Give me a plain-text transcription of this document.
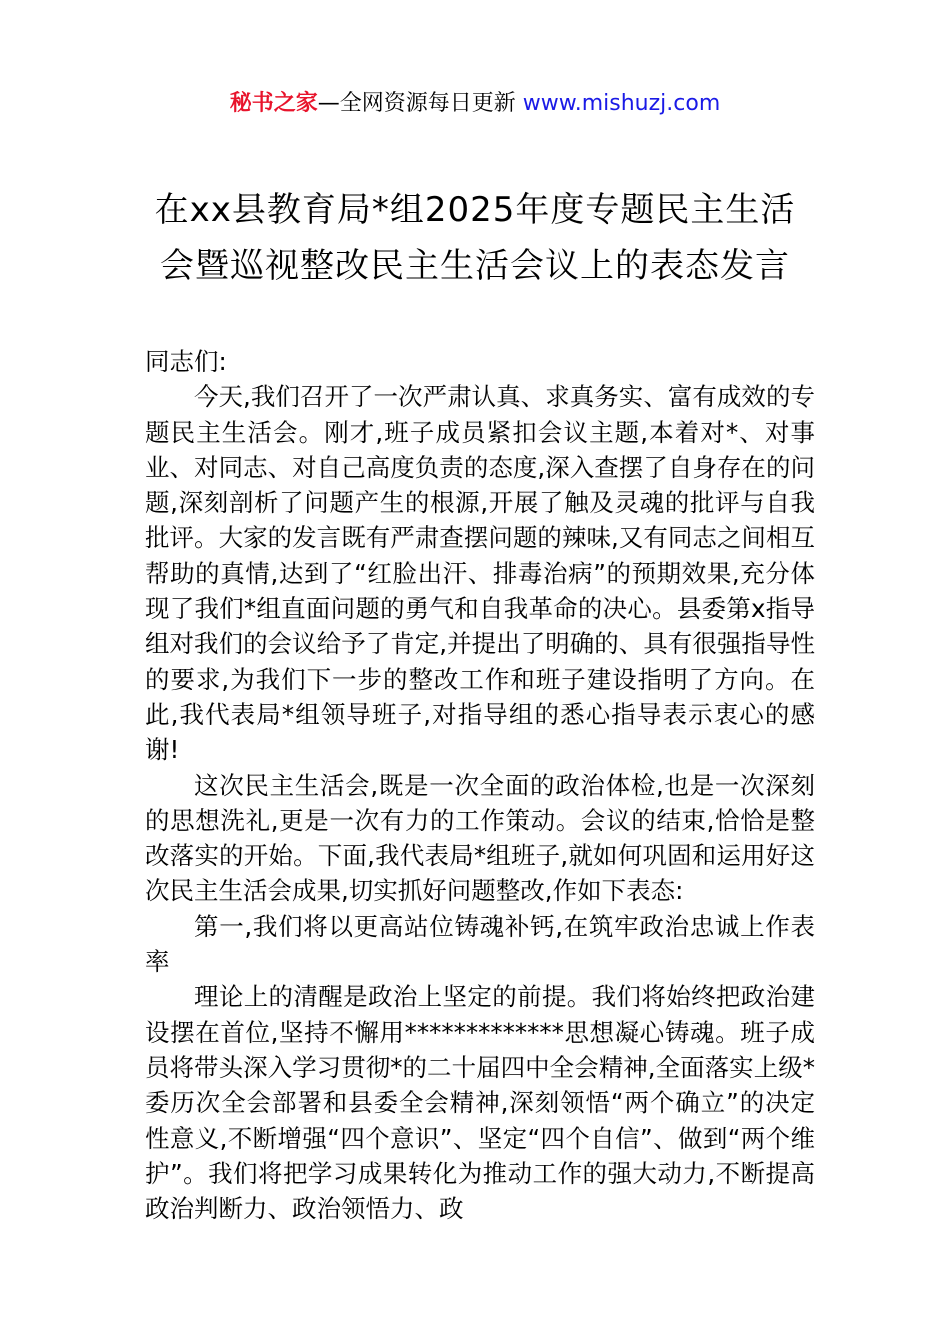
秘书之家—全网资源每日更新 www.mishuzj.com
在xx县教育局*组2025年度专题民主生活
会暨巡视整改民主生活会议上的表态发言

同志们:

今天,我们召开了一次严肃认真、求真务实、富有成效的专题民主生活会。刚才,班子成员紧扣会议主题,本着对*、对事业、对同志、对自己高度负责的态度,深入查摆了自身存在的问题,深刻剖析了问题产生的根源,开展了触及灵魂的批评与自我批评。大家的发言既有严肃查摆问题的辣味,又有同志之间相互帮助的真情,达到了“红脸出汗、排毒治病”的预期效果,充分体现了我们*组直面问题的勇气和自我革命的决心。县委第x指导组对我们的会议给予了肯定,并提出了明确的、具有很强指导性的要求,为我们下一步的整改工作和班子建设指明了方向。在此,我代表局*组领导班子,对指导组的悉心指导表示衷心的感谢!

这次民主生活会,既是一次全面的政治体检,也是一次深刻的思想洗礼,更是一次有力的工作策动。会议的结束,恰恰是整改落实的开始。下面,我代表局*组班子,就如何巩固和运用好这次民主生活会成果,切实抓好问题整改,作如下表态:

第一,我们将以更高站位铸魂补钙,在筑牢政治忠诚上作表率

理论上的清醒是政治上坚定的前提。我们将始终把政治建设摆在首位,坚持不懈用*************思想凝心铸魂。班子成员将带头深入学习贯彻*的二十届四中全会精神,全面落实上级*委历次全会部署和县委全会精神,深刻领悟“两个确立”的决定性意义,不断增强“四个意识”、坚定“四个自信”、做到“两个维护”。我们将把学习成果转化为推动工作的强大动力,不断提高政治判断力、政治领悟力、政
